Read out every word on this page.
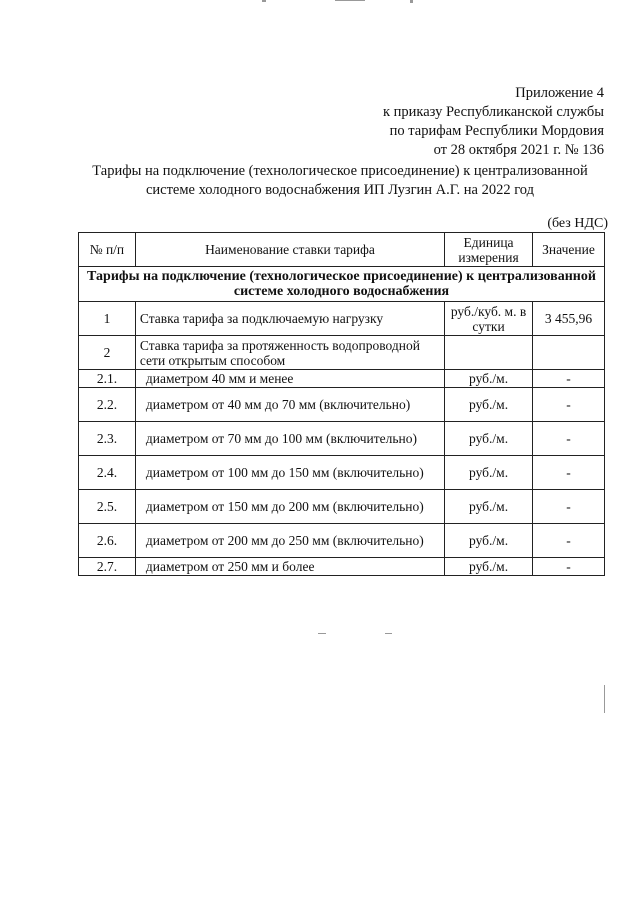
Приложение 4
к приказу Республиканской службы
по тарифам Республики Мордовия
от 28 октября 2021 г. № 136
Тарифы на подключение (технологическое присоединение) к централизованной
системе холодного водоснабжения ИП Лузгин А.Г. на 2022 год
(без НДС)
№ п/п	Наименование ставки тарифа	Единица измерения	Значение
Тарифы на подключение (технологическое присоединение) к централизованной системе холодного водоснабжения			
1	Ставка тарифа за подключаемую нагрузку	руб./куб. м. в сутки	3 455,96
2	Ставка тарифа за протяженность водопроводной сети открытым способом		
2.1.	диаметром 40 мм и менее	руб./м.	-
2.2.	диаметром от 40 мм до 70 мм (включительно)	руб./м.	-
2.3.	диаметром от 70 мм до 100 мм (включительно)	руб./м.	-
2.4.	диаметром от 100 мм до 150 мм (включительно)	руб./м.	-
2.5.	диаметром от 150 мм до 200 мм (включительно)	руб./м.	-
2.6.	диаметром от 200 мм до 250 мм (включительно)	руб./м.	-
2.7.	диаметром от 250 мм и более	руб./м.	-
